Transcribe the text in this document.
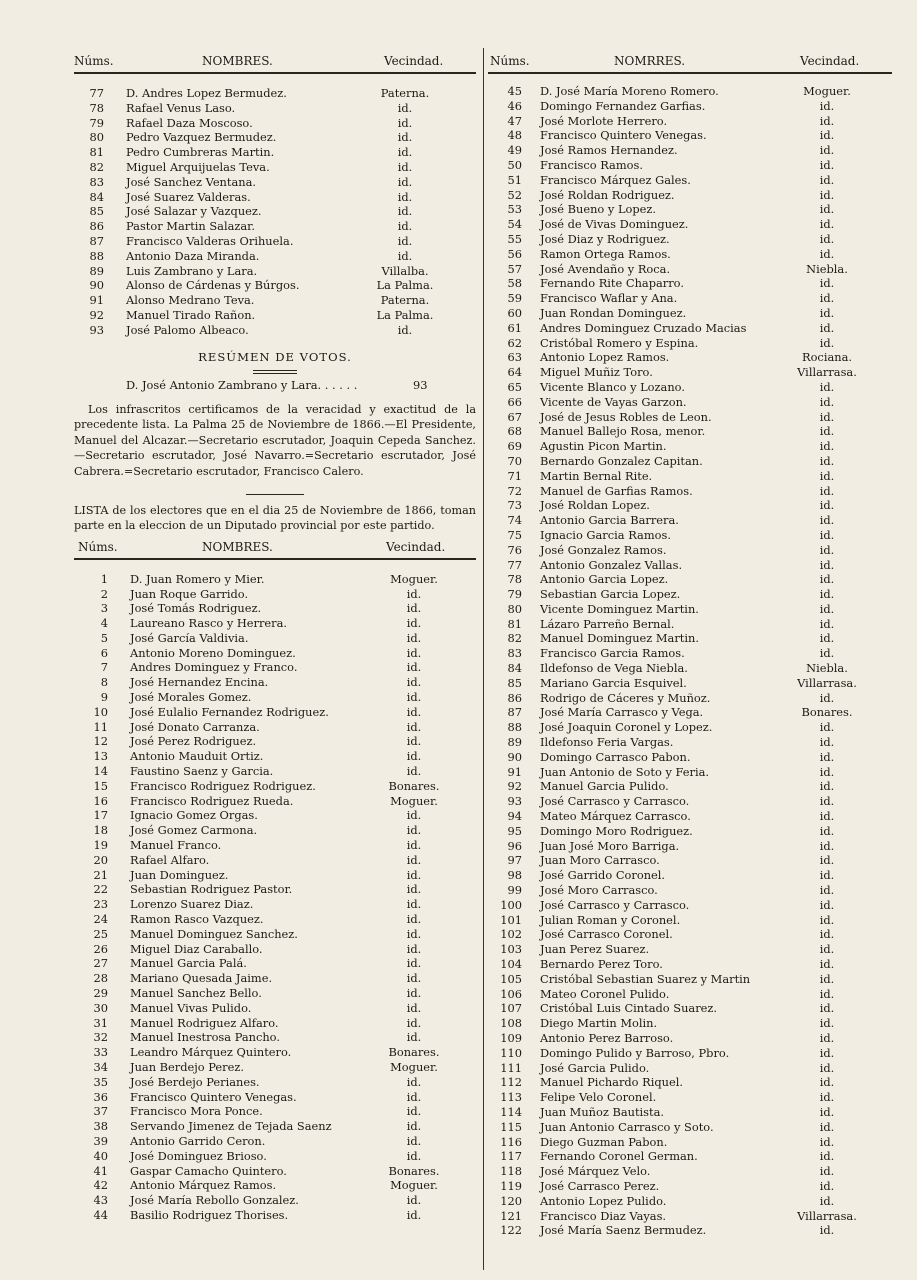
Núms.	NOMBRES.	Vecindad.
77 D. Andres Lopez Bermudez.	Paterna.
78 Rafael Venus Laso.	id.
79 Rafael Daza Moscoso.	id.
80 Pedro Vazquez Bermudez.	id.
81 Pedro Cumbreras Martin.	id.
82 Miguel Arquijuelas Teva.	id.
83 José Sanchez Ventana.	id.
84 José Suarez Valderas.	id.
85 José Salazar y Vazquez.	id.
86 Pastor Martin Salazar.	id.
87 Francisco Valderas Orihuela.	id.
88 Antonio Daza Miranda.	id.
89 Luis Zambrano y Lara.	Villalba.
90 Alonso de Cárdenas y Búrgos.	La Palma.
91 Alonso Medrano Teva.	Paterna.
92 Manuel Tirado Rañon.	La Palma.
93 José Palomo Albeaco.	id.
RESÚMEN DE VOTOS.
D. José Antonio Zambrano y Lara. . . . . .	93
Los infrascritos certificamos de la veracidad y exactitud de la precedente lista. La Palma 25 de Noviembre de 1866.—El Presidente, Manuel del Alcazar.—Secretario escrutador, Joaquin Cepeda Sanchez.—Secretario escrutador, José Navarro.=Secretario escrutador, José Cabrera.=Secretario escrutador, Francisco Calero.
LISTA de los electores que en el dia 25 de Noviembre de 1866, toman parte en la eleccion de un Diputado provincial por este partido.
Núms.	NOMBRES.	Vecindad.
1 D. Juan Romero y Mier.	Moguer.
2 Juan Roque Garrido.	id.
3 José Tomás Rodriguez.	id.
4 Laureano Rasco y Herrera.	id.
5 José García Valdivia.	id.
6 Antonio Moreno Dominguez.	id.
7 Andres Dominguez y Franco.	id.
8 José Hernandez Encina.	id.
9 José Morales Gomez.	id.
10 José Eulalio Fernandez Rodriguez.	id.
11 José Donato Carranza.	id.
12 José Perez Rodriguez.	id.
13 Antonio Mauduit Ortiz.	id.
14 Faustino Saenz y Garcia.	id.
15 Francisco Rodriguez Rodriguez.	Bonares.
16 Francisco Rodriguez Rueda.	Moguer.
17 Ignacio Gomez Orgas.	id.
18 José Gomez Carmona.	id.
19 Manuel Franco.	id.
20 Rafael Alfaro.	id.
21 Juan Dominguez.	id.
22 Sebastian Rodriguez Pastor.	id.
23 Lorenzo Suarez Diaz.	id.
24 Ramon Rasco Vazquez.	id.
25 Manuel Dominguez Sanchez.	id.
26 Miguel Diaz Caraballo.	id.
27 Manuel Garcia Palá.	id.
28 Mariano Quesada Jaime.	id.
29 Manuel Sanchez Bello.	id.
30 Manuel Vivas Pulido.	id.
31 Manuel Rodriguez Alfaro.	id.
32 Manuel Inestrosa Pancho.	id.
33 Leandro Márquez Quintero.	Bonares.
34 Juan Berdejo Perez.	Moguer.
35 José Berdejo Perianes.	id.
36 Francisco Quintero Venegas.	id.
37 Francisco Mora Ponce.	id.
38 Servando Jimenez de Tejada Saenz	id.
39 Antonio Garrido Ceron.	id.
40 José Dominguez Brioso.	id.
41 Gaspar Camacho Quintero.	Bonares.
42 Antonio Márquez Ramos.	Moguer.
43 José María Rebollo Gonzalez.	id.
44 Basilio Rodriguez Thorises.	id.
Núms.	NOMRRES.	Vecindad.
45 D. José María Moreno Romero.	Moguer.
46 Domingo Fernandez Garfias.	id.
47 José Morlote Herrero.	id.
48 Francisco Quintero Venegas.	id.
49 José Ramos Hernandez.	id.
50 Francisco Ramos.	id.
51 Francisco Márquez Gales.	id.
52 José Roldan Rodriguez.	id.
53 José Bueno y Lopez.	id.
54 José de Vivas Dominguez.	id.
55 José Diaz y Rodriguez.	id.
56 Ramon Ortega Ramos.	id.
57 José Avendaño y Roca.	Niebla.
58 Fernando Rite Chaparro.	id.
59 Francisco Waflar y Ana.	id.
60 Juan Rondan Dominguez.	id.
61 Andres Dominguez Cruzado Macias	id.
62 Cristóbal Romero y Espina.	id.
63 Antonio Lopez Ramos.	Rociana.
64 Miguel Muñiz Toro.	Villarrasa.
65 Vicente Blanco y Lozano.	id.
66 Vicente de Vayas Garzon.	id.
67 José de Jesus Robles de Leon.	id.
68 Manuel Ballejo Rosa, menor.	id.
69 Agustin Picon Martin.	id.
70 Bernardo Gonzalez Capitan.	id.
71 Martin Bernal Rite.	id.
72 Manuel de Garfias Ramos.	id.
73 José Roldan Lopez.	id.
74 Antonio Garcia Barrera.	id.
75 Ignacio Garcia Ramos.	id.
76 José Gonzalez Ramos.	id.
77 Antonio Gonzalez Vallas.	id.
78 Antonio Garcia Lopez.	id.
79 Sebastian Garcia Lopez.	id.
80 Vicente Dominguez Martin.	id.
81 Lázaro Parreño Bernal.	id.
82 Manuel Dominguez Martin.	id.
83 Francisco Garcia Ramos.	id.
84 Ildefonso de Vega Niebla.	Niebla.
85 Mariano Garcia Esquivel.	Villarrasa.
86 Rodrigo de Cáceres y Muñoz.	id.
87 José María Carrasco y Vega.	Bonares.
88 José Joaquin Coronel y Lopez.	id.
89 Ildefonso Feria Vargas.	id.
90 Domingo Carrasco Pabon.	id.
91 Juan Antonio de Soto y Feria.	id.
92 Manuel Garcia Pulido.	id.
93 José Carrasco y Carrasco.	id.
94 Mateo Márquez Carrasco.	id.
95 Domingo Moro Rodriguez.	id.
96 Juan José Moro Barriga.	id.
97 Juan Moro Carrasco.	id.
98 José Garrido Coronel.	id.
99 José Moro Carrasco.	id.
100 José Carrasco y Carrasco.	id.
101 Julian Roman y Coronel.	id.
102 José Carrasco Coronel.	id.
103 Juan Perez Suarez.	id.
104 Bernardo Perez Toro.	id.
105 Cristóbal Sebastian Suarez y Martin	id.
106 Mateo Coronel Pulido.	id.
107 Cristóbal Luis Cintado Suarez.	id.
108 Diego Martin Molin.	id.
109 Antonio Perez Barroso.	id.
110 Domingo Pulido y Barroso, Pbro.	id.
111 José Garcia Pulido.	id.
112 Manuel Pichardo Riquel.	id.
113 Felipe Velo Coronel.	id.
114 Juan Muñoz Bautista.	id.
115 Juan Antonio Carrasco y Soto.	id.
116 Diego Guzman Pabon.	id.
117 Fernando Coronel German.	id.
118 José Márquez Velo.	id.
119 José Carrasco Perez.	id.
120 Antonio Lopez Pulido.	id.
121 Francisco Diaz Vayas.	Villarrasa.
122 José María Saenz Bermudez.	id.
